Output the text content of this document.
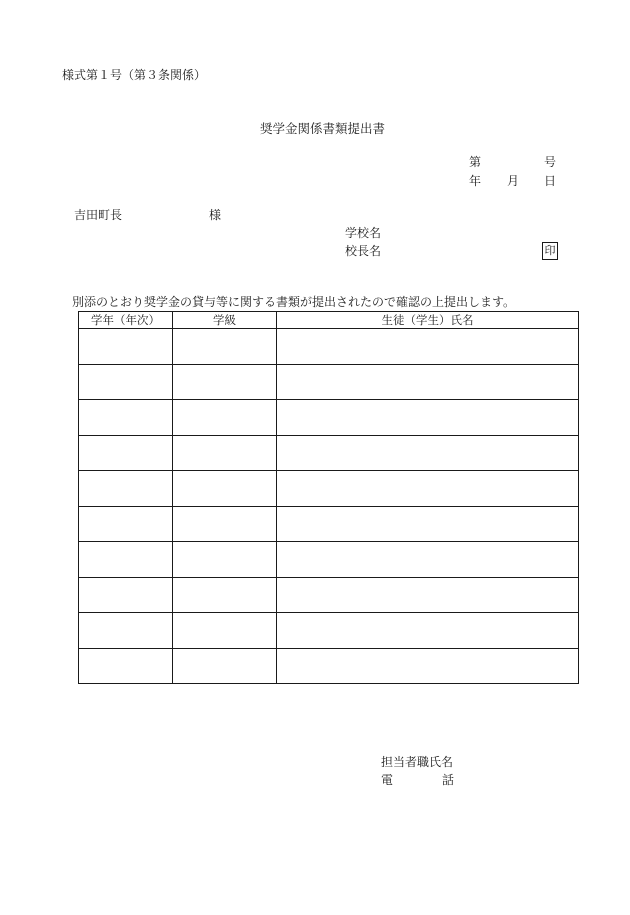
様式第１号（第３条関係）
奨学金関係書類提出書
第	号
年 月 日
吉田町長	様
学校名
校長名	印
別添のとおり奨学金の貸与等に関する書類が提出されたので確認の上提出します。
学年（年次）	学級	生徒（学生）氏名

担当者職氏名
電	話
